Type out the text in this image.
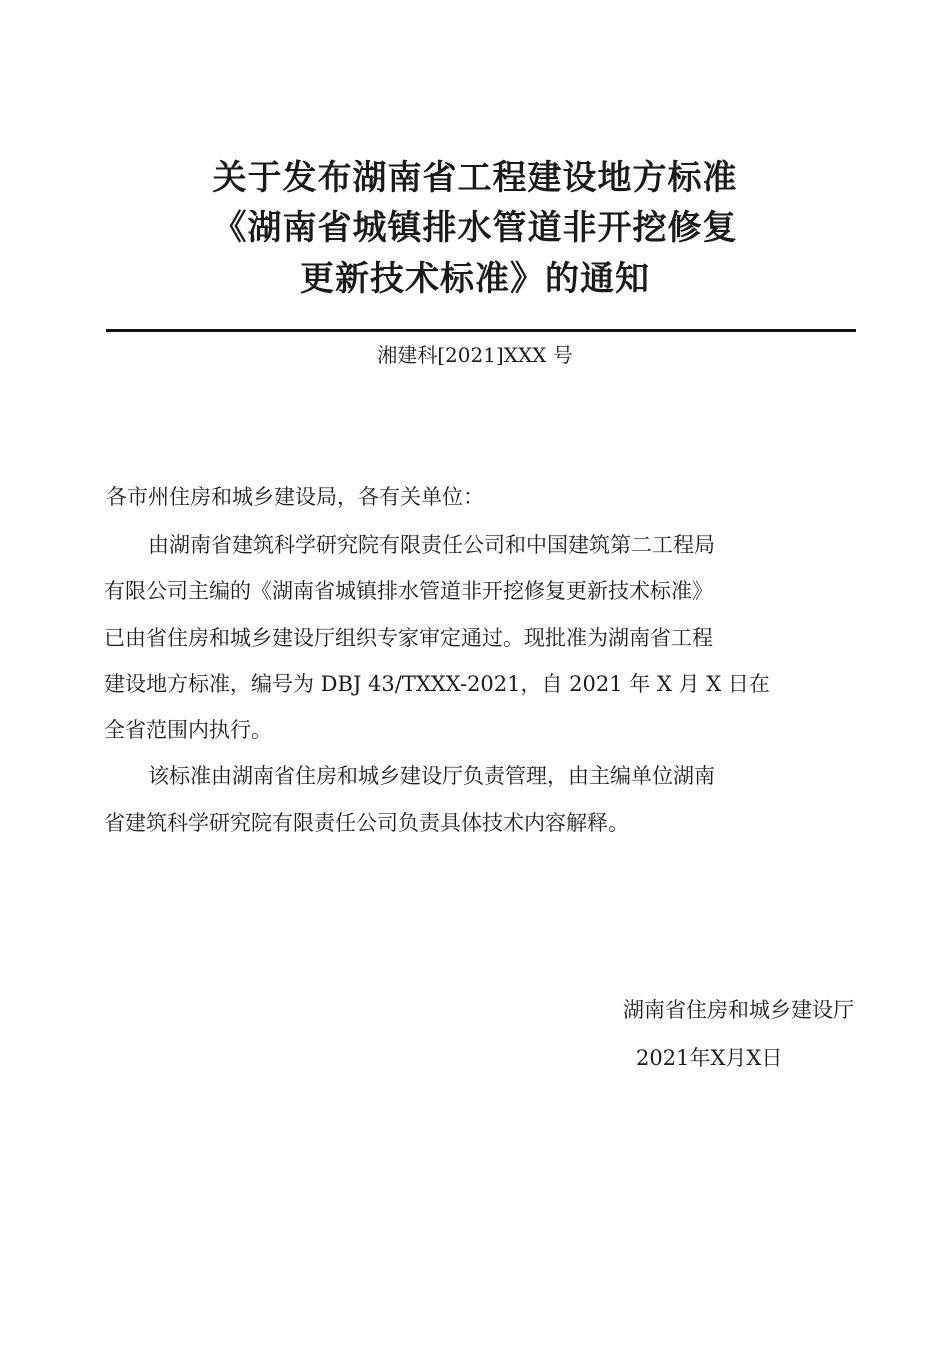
关于发布湖南省工程建设地方标准
《湖南省城镇排水管道非开挖修复
更新技术标准》的通知
湘建科[2021]XXX 号
各市州住房和城乡建设局，各有关单位：
由湖南省建筑科学研究院有限责任公司和中国建筑第二工程局
有限公司主编的《湖南省城镇排水管道非开挖修复更新技术标准》
已由省住房和城乡建设厅组织专家审定通过。现批准为湖南省工程
建设地方标准，编号为 DBJ 43/TXXX-2021，自 2021 年 X 月 X 日在
全省范围内执行。
该标准由湖南省住房和城乡建设厅负责管理，由主编单位湖南
省建筑科学研究院有限责任公司负责具体技术内容解释。
湖南省住房和城乡建设厅
2021年X月X日
